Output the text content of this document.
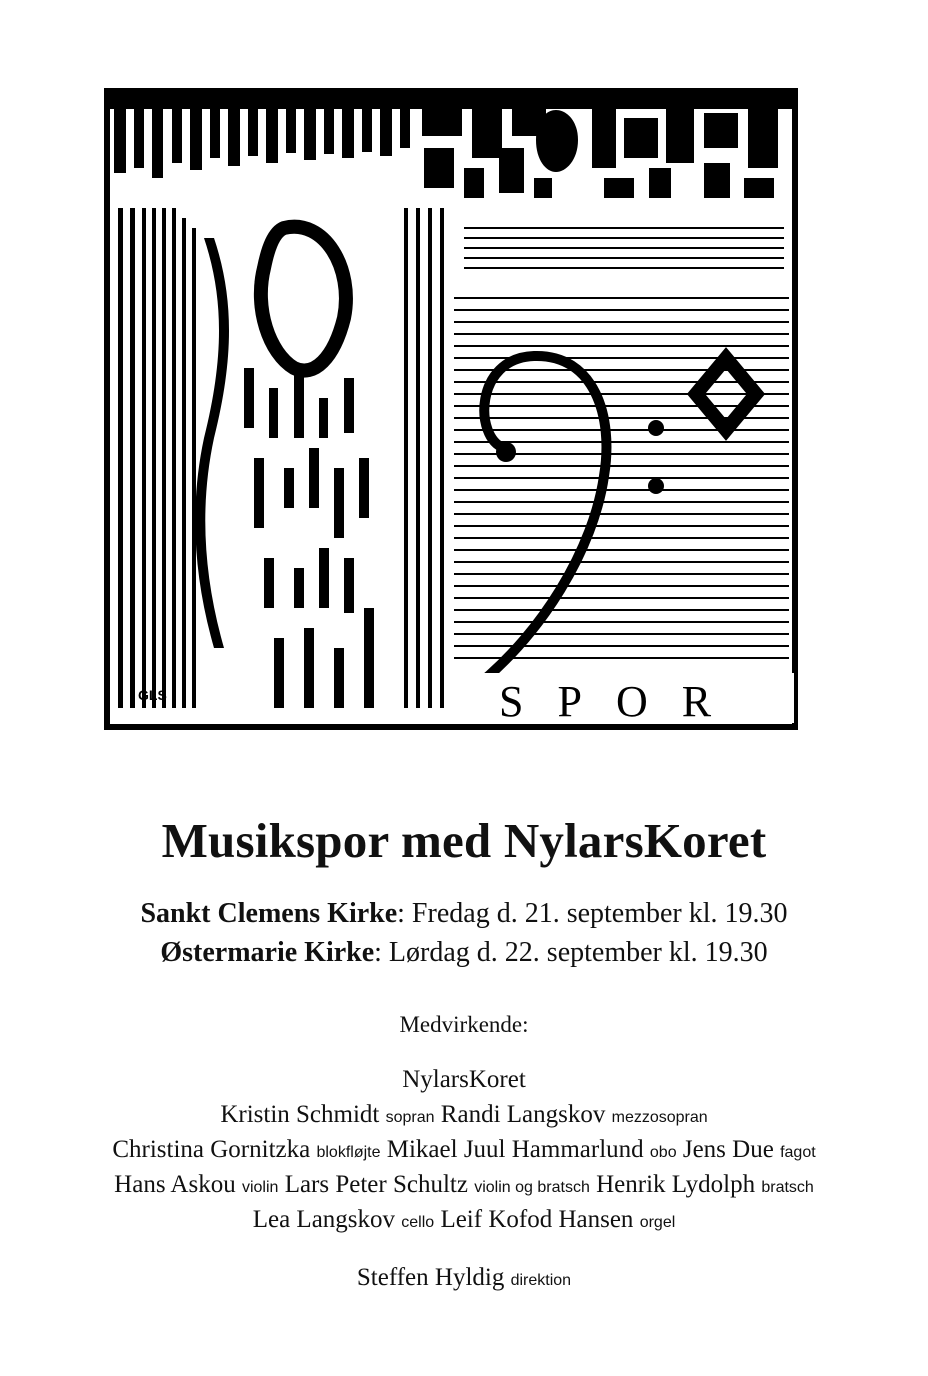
SPOR
GLS
Musikspor med NylarsKoret
Sankt Clemens Kirke: Fredag d. 21. september kl. 19.30
Østermarie Kirke: Lørdag d. 22. september kl. 19.30
Medvirkende:
NylarsKoret
Kristin Schmidt sopran Randi Langskov mezzosopran
Christina Gornitzka blokfløjte Mikael Juul Hammarlund obo Jens Due fagot
Hans Askou violin Lars Peter Schultz violin og bratsch Henrik Lydolph bratsch
Lea Langskov cello Leif Kofod Hansen orgel
Steffen Hyldig direktion
